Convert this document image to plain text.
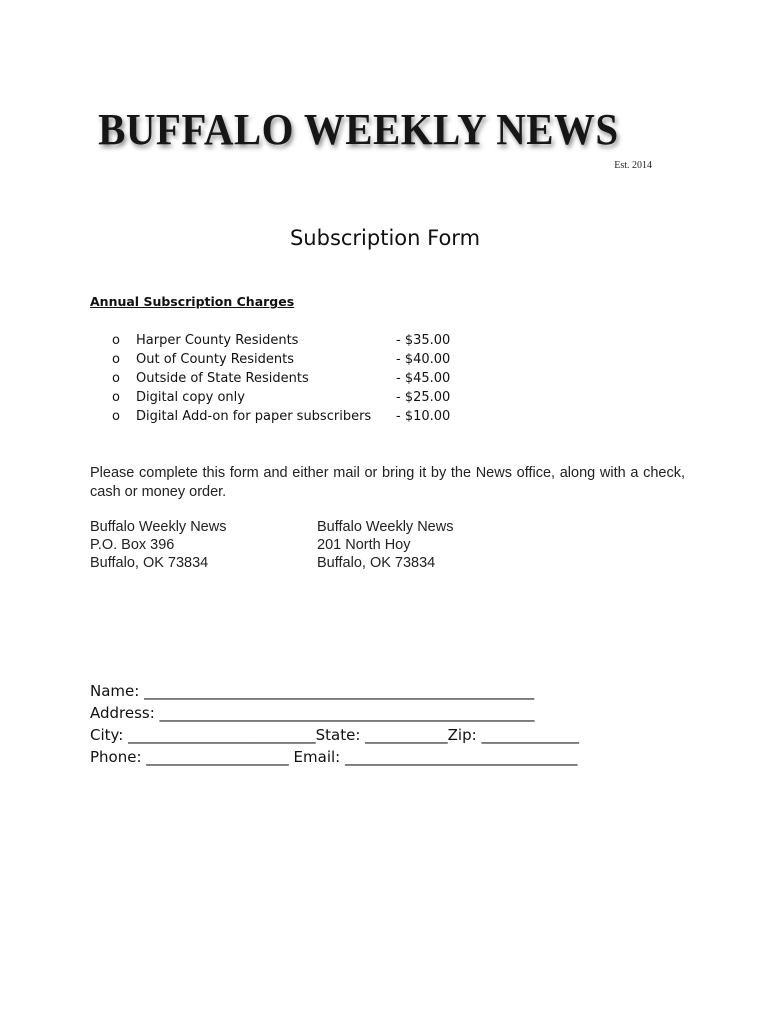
BUFFALO WEEKLY NEWS
Est. 2014
Subscription Form
Annual Subscription Charges
o Harper County Residents	- $35.00
o Out of County Residents	- $40.00
o Outside of State Residents	- $45.00
o Digital copy only	- $25.00
o Digital Add-on for paper subscribers - $10.00
Please complete this form and either mail or bring it by the News office, along with a check, cash or money order.
Buffalo Weekly News
P.O. Box 396
Buffalo, OK 73834
Buffalo Weekly News
201 North Hoy
Buffalo, OK 73834
Name: ____________________________________________________
Address: __________________________________________________
City: _________________________State: ___________Zip: _____________
Phone: ___________________ Email: _______________________________
